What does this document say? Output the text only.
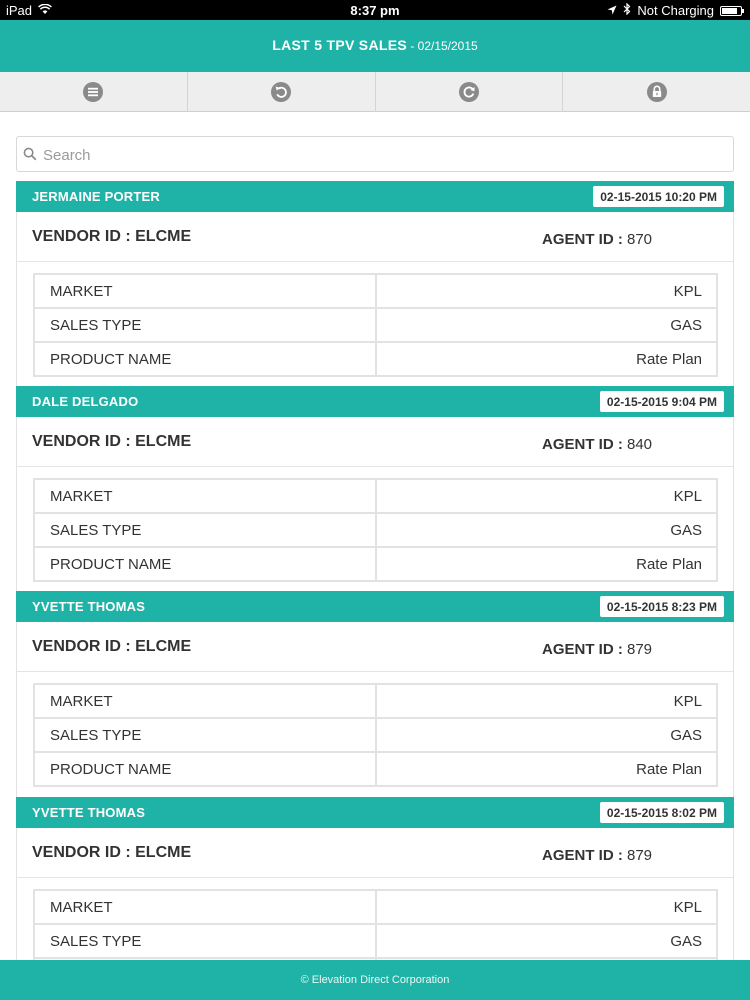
iPad	8:37 pm	Not Charging
LAST 5 TPV SALES - 02/15/2015
Search
JERMAINE PORTER	02-15-2015 10:20 PM
VENDOR ID : ELCME	AGENT ID : 870
MARKET	KPL
SALES TYPE	GAS
PRODUCT NAME	Rate Plan
DALE DELGADO	02-15-2015 9:04 PM
VENDOR ID : ELCME	AGENT ID : 840
MARKET	KPL
SALES TYPE	GAS
PRODUCT NAME	Rate Plan
YVETTE THOMAS	02-15-2015 8:23 PM
VENDOR ID : ELCME	AGENT ID : 879
MARKET	KPL
SALES TYPE	GAS
PRODUCT NAME	Rate Plan
YVETTE THOMAS	02-15-2015 8:02 PM
VENDOR ID : ELCME	AGENT ID : 879
MARKET	KPL
SALES TYPE	GAS

© Elevation Direct Corporation
